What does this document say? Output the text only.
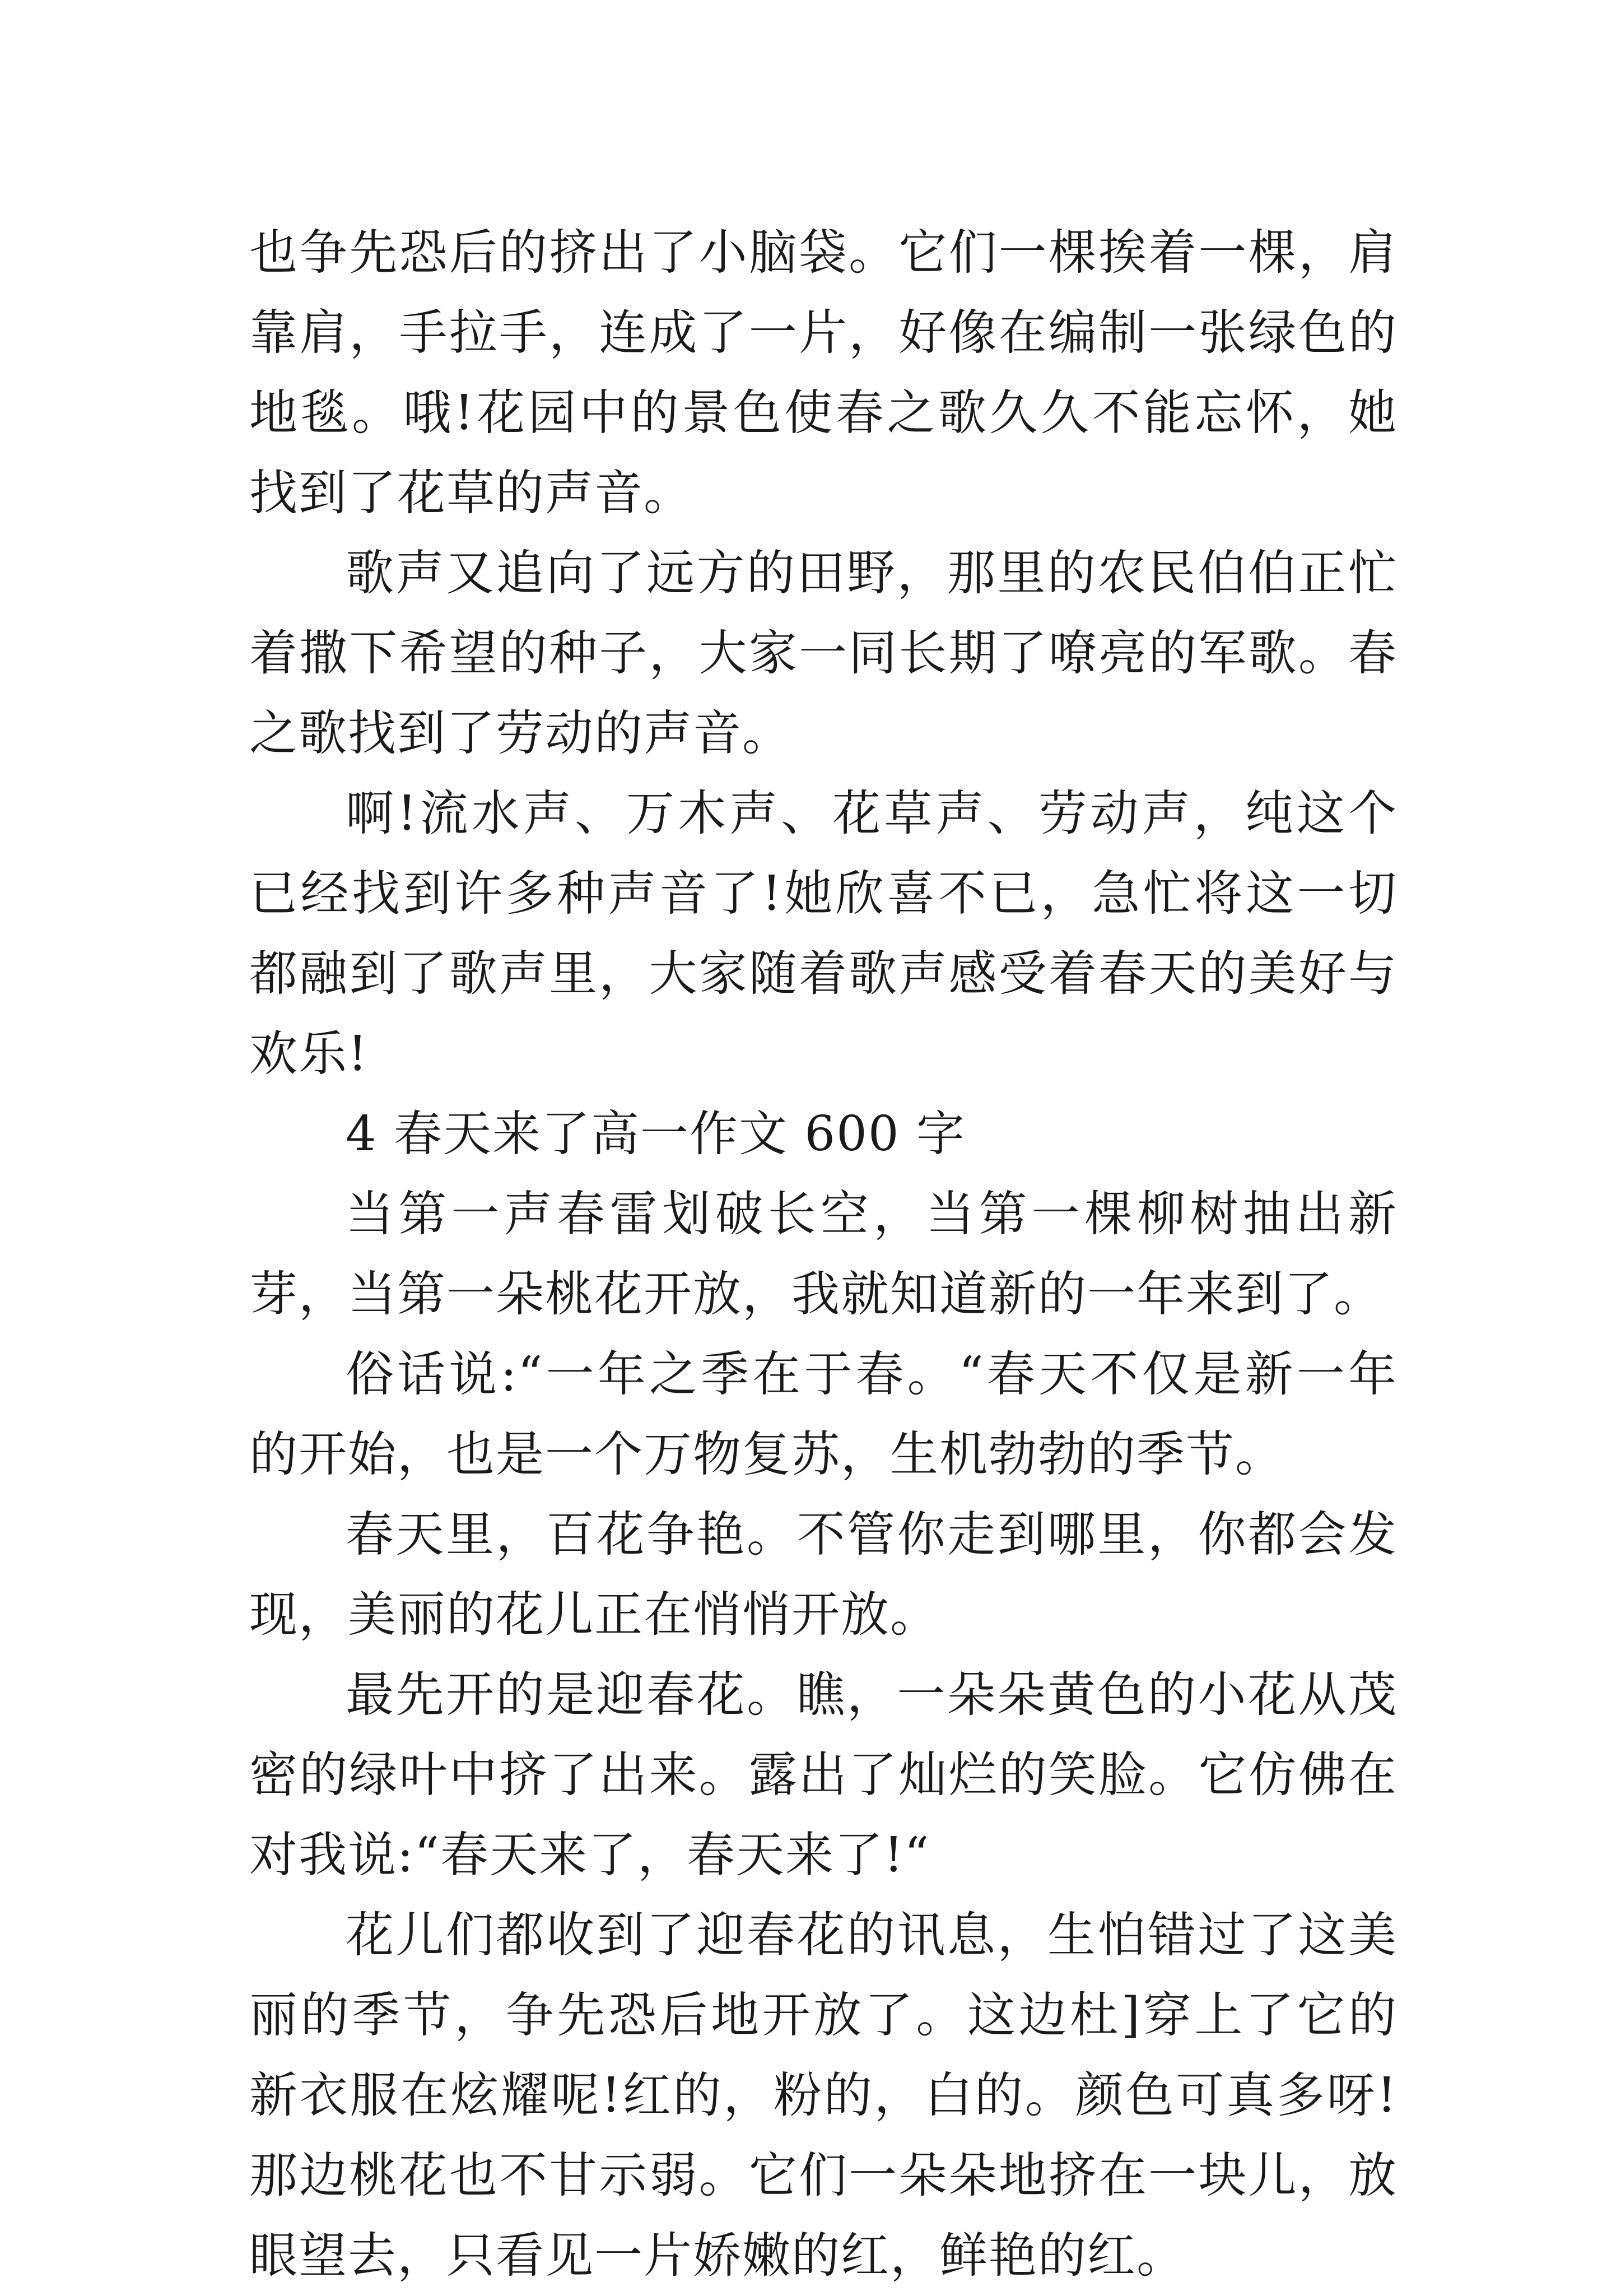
也争先恐后的挤出了小脑袋。它们一棵挨着一棵，肩靠肩，手拉手，连成了一片，好像在编制一张绿色的地毯。哦!花园中的景色使春之歌久久不能忘怀，她找到了花草的声音。

歌声又追向了远方的田野，那里的农民伯伯正忙着撒下希望的种子，大家一同长期了嘹亮的军歌。春之歌找到了劳动的声音。

啊!流水声、万木声、花草声、劳动声，纯这个已经找到许多种声音了!她欣喜不已，急忙将这一切都融到了歌声里，大家随着歌声感受着春天的美好与欢乐!

4 春天来了高一作文 600 字

当第一声春雷划破长空，当第一棵柳树抽出新芽，当第一朵桃花开放，我就知道新的一年来到了。

俗话说:“一年之季在于春。“春天不仅是新一年的开始，也是一个万物复苏，生机勃勃的季节。

春天里，百花争艳。不管你走到哪里，你都会发现，美丽的花儿正在悄悄开放。

最先开的是迎春花。瞧，一朵朵黄色的小花从茂密的绿叶中挤了出来。露出了灿烂的笑脸。它仿佛在对我说:“春天来了，春天来了!“

花儿们都收到了迎春花的讯息，生怕错过了这美丽的季节，争先恐后地开放了。这边杜]穿上了它的新衣服在炫耀呢!红的，粉的，白的。颜色可真多呀!那边桃花也不甘示弱。它们一朵朵地挤在一块儿，放眼望去，只看见一片娇嫩的红，鲜艳的红。
